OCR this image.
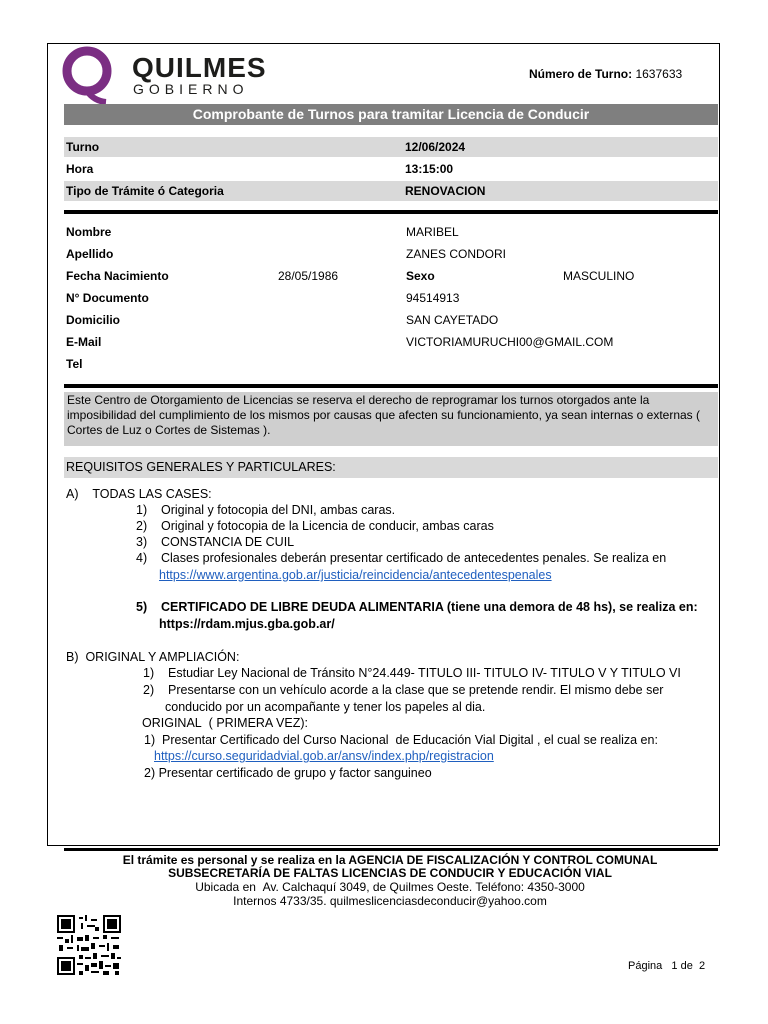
QUILMES
GOBIERNO
Número de Turno: 1637633
Comprobante de Turnos para tramitar Licencia de Conducir
Turno	12/06/2024
Hora	13:15:00
Tipo de Trámite ó Categoria	RENOVACION
Nombre	MARIBEL
Apellido	ZANES CONDORI
Fecha Nacimiento	28/05/1986	Sexo	MASCULINO
N° Documento	94514913
Domicilio	SAN CAYETADO
E-Mail	VICTORIAMURUCHI00@GMAIL.COM
Tel
Este Centro de Otorgamiento de Licencias se reserva el derecho de reprogramar los turnos otorgados ante la imposibilidad del cumplimiento de los mismos por causas que afecten su funcionamiento, ya sean internas o externas ( Cortes de Luz o Cortes de Sistemas ).
REQUISITOS GENERALES Y PARTICULARES:
A)    TODAS LAS CASES:
1)    Original y fotocopia del DNI, ambas caras.
2)    Original y fotocopia de la Licencia de conducir, ambas caras
3)    CONSTANCIA DE CUIL
4)    Clases profesionales deberán presentar certificado de antecedentes penales. Se realiza en
https://www.argentina.gob.ar/justicia/reincidencia/antecedentespenales
5)    CERTIFICADO DE LIBRE DEUDA ALIMENTARIA (tiene una demora de 48 hs), se realiza en:
https://rdam.mjus.gba.gob.ar/
B)  ORIGINAL Y AMPLIACIÓN:
1)    Estudiar Ley Nacional de Tránsito N°24.449- TITULO III- TITULO IV- TITULO V Y TITULO VI
2)    Presentarse con un vehículo acorde a la clase que se pretende rendir. El mismo debe ser
conducido por un acompañante y tener los papeles al dia.
ORIGINAL  ( PRIMERA VEZ):
1)  Presentar Certificado del Curso Nacional  de Educación Vial Digital , el cual se realiza en:
https://curso.seguridadvial.gob.ar/ansv/index.php/registracion
2) Presentar certificado de grupo y factor sanguineo
El trámite es personal y se realiza en la AGENCIA DE FISCALIZACIÓN Y CONTROL COMUNAL
SUBSECRETARÍA DE FALTAS LICENCIAS DE CONDUCIR Y EDUCACIÓN VIAL
Ubicada en  Av. Calchaquí 3049, de Quilmes Oeste. Teléfono: 4350-3000
Internos 4733/35. quilmeslicenciasdeconducir@yahoo.com
Página   1 de  2
